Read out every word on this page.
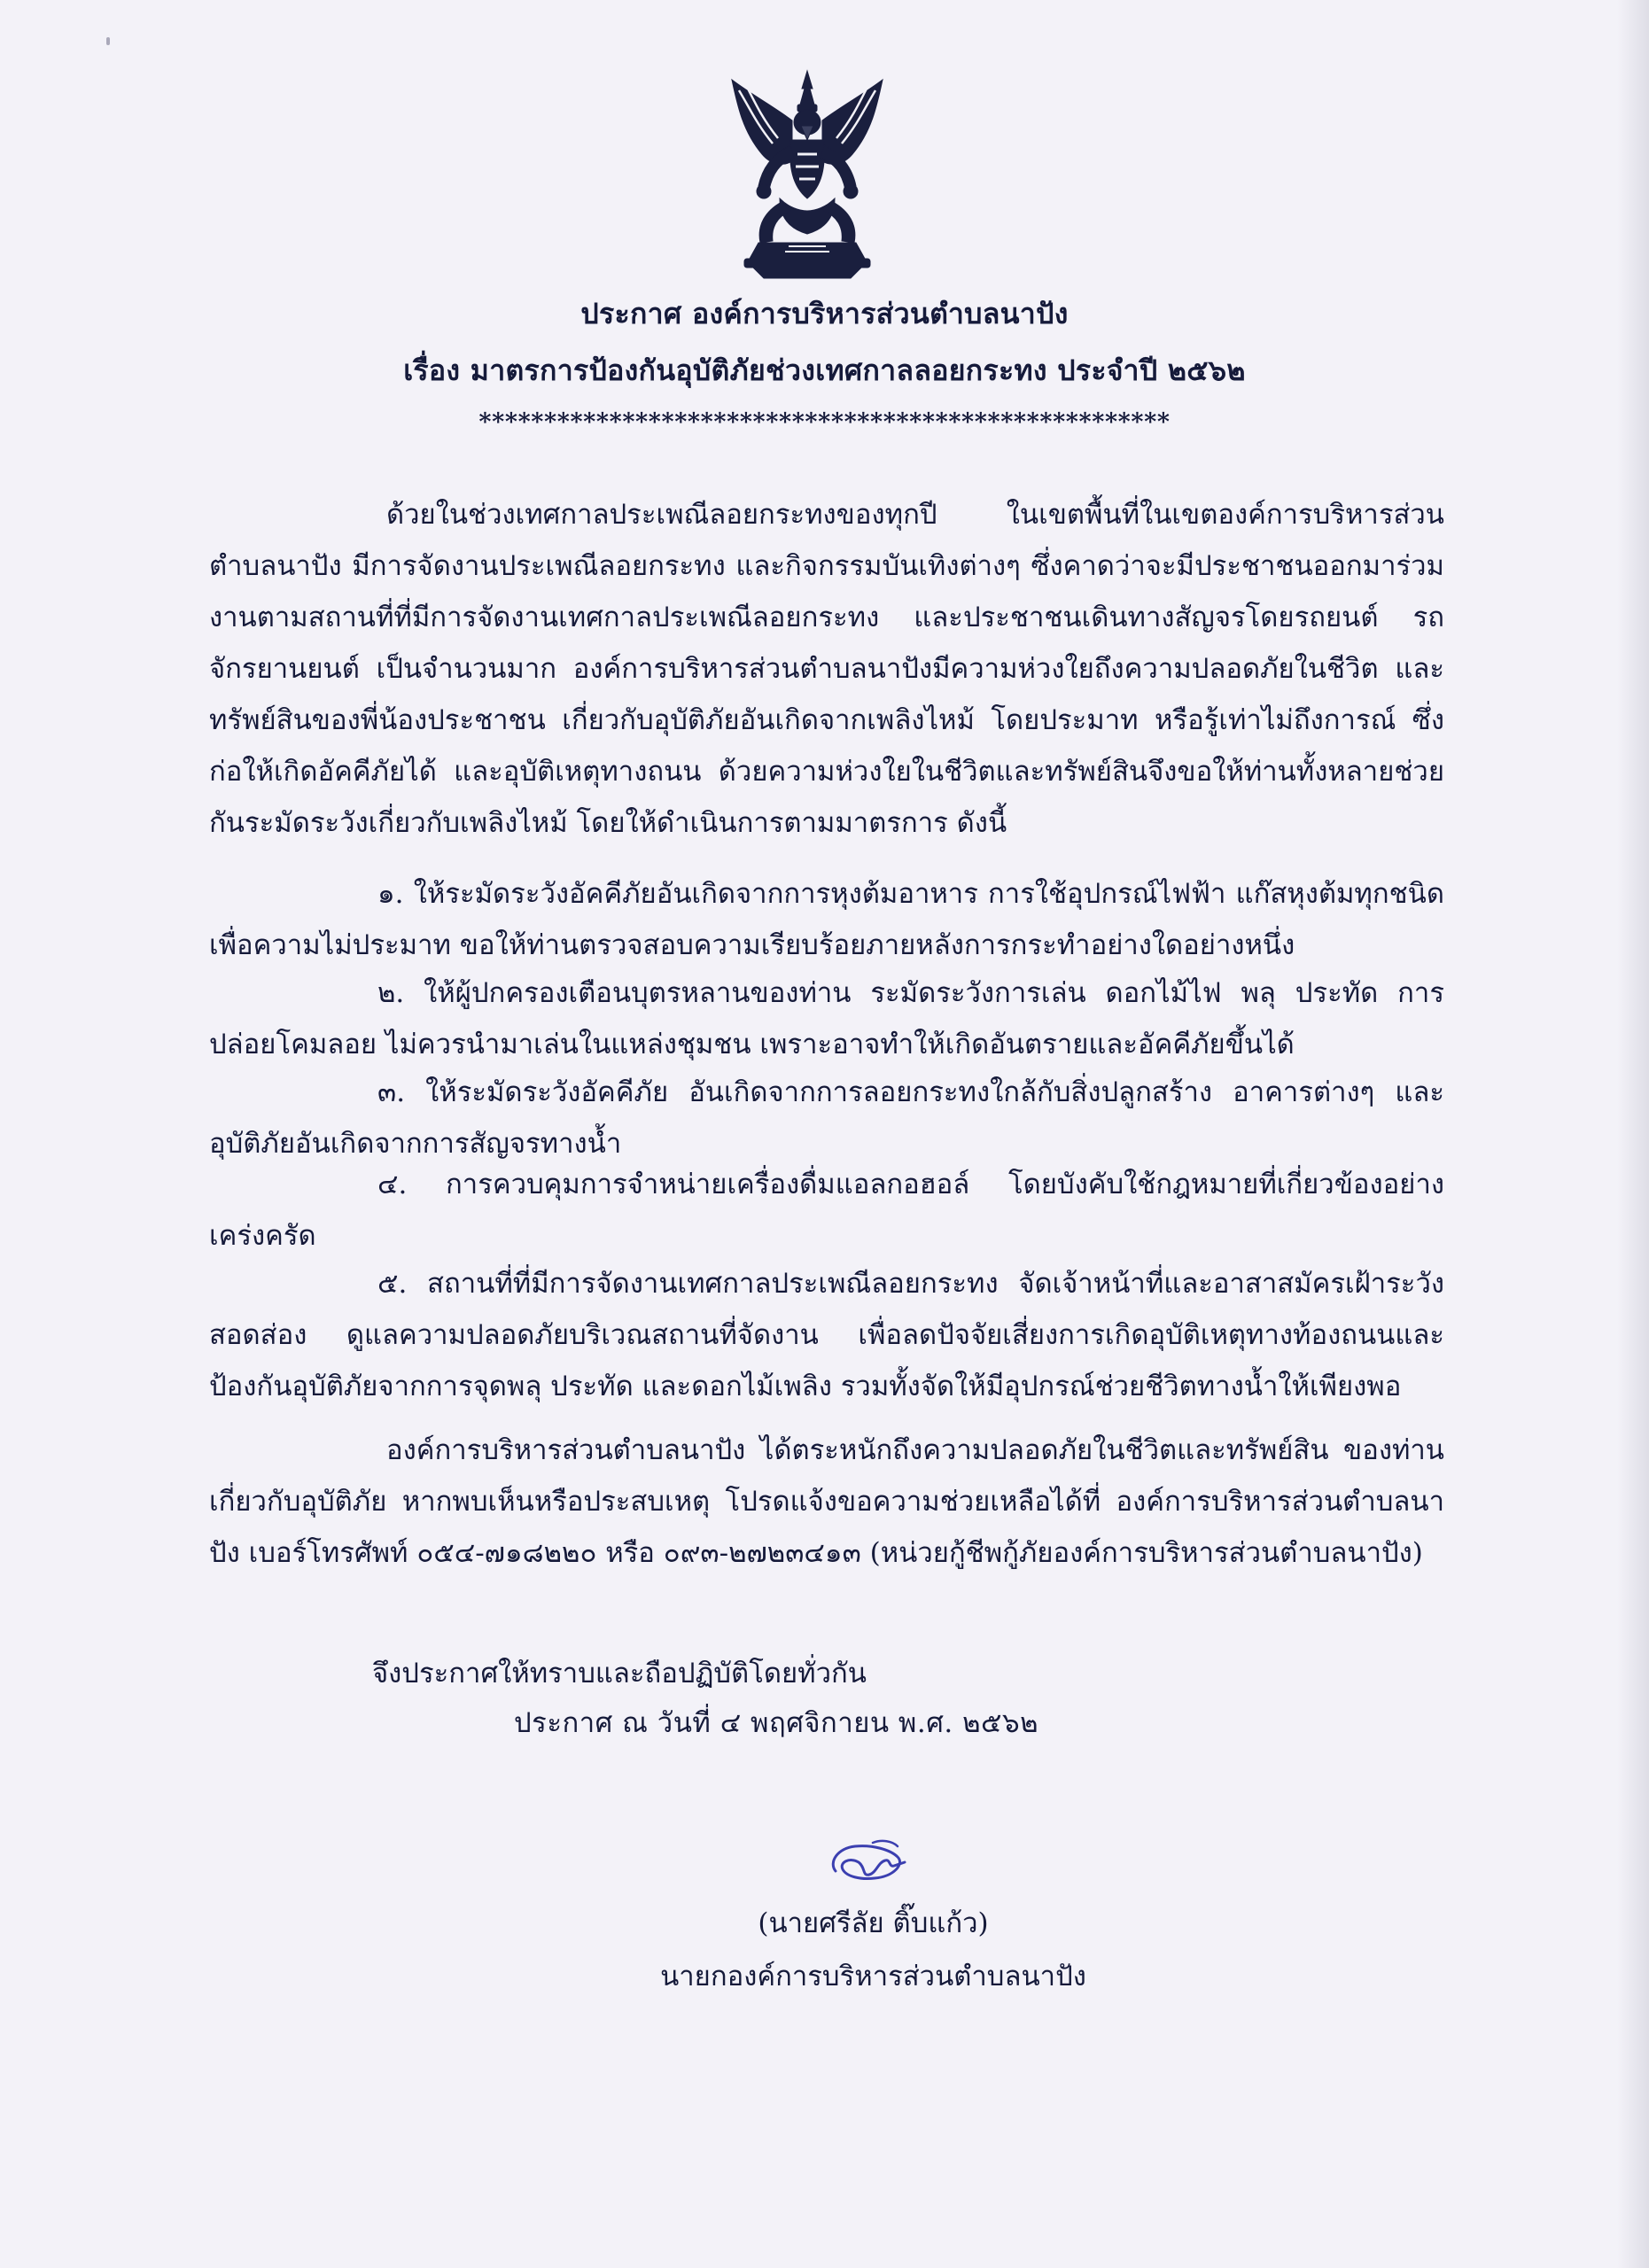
ประกาศ องค์การบริหารส่วนตำบลนาปัง
เรื่อง มาตรการป้องกันอุบัติภัยช่วงเทศกาลลอยกระทง ประจำปี ๒๕๖๒
*****************************************************
ด้วยในช่วงเทศกาลประเพณีลอยกระทงของทุกปี ในเขตพื้นที่ในเขตองค์การบริหารส่วนตำบลนาปัง มีการจัดงานประเพณีลอยกระทง และกิจกรรมบันเทิงต่างๆ ซึ่งคาดว่าจะมีประชาชนออกมาร่วมงานตามสถานที่ที่มีการจัดงานเทศกาลประเพณีลอยกระทง และประชาชนเดินทางสัญจรโดยรถยนต์ รถจักรยานยนต์ เป็นจำนวนมาก องค์การบริหารส่วนตำบลนาปังมีความห่วงใยถึงความปลอดภัยในชีวิต และทรัพย์สินของพี่น้องประชาชน เกี่ยวกับอุบัติภัยอันเกิดจากเพลิงไหม้ โดยประมาท หรือรู้เท่าไม่ถึงการณ์ ซึ่งก่อให้เกิดอัคคีภัยได้ และอุบัติเหตุทางถนน ด้วยความห่วงใยในชีวิตและทรัพย์สินจึงขอให้ท่านทั้งหลายช่วยกันระมัดระวังเกี่ยวกับเพลิงไหม้ โดยให้ดำเนินการตามมาตรการ ดังนี้
๑. ให้ระมัดระวังอัคคีภัยอันเกิดจากการหุงต้มอาหาร การใช้อุปกรณ์ไฟฟ้า แก๊สหุงต้มทุกชนิด เพื่อความไม่ประมาท ขอให้ท่านตรวจสอบความเรียบร้อยภายหลังการกระทำอย่างใดอย่างหนึ่ง
๒. ให้ผู้ปกครองเตือนบุตรหลานของท่าน ระมัดระวังการเล่น ดอกไม้ไฟ พลุ ประทัด การปล่อยโคมลอย ไม่ควรนำมาเล่นในแหล่งชุมชน เพราะอาจทำให้เกิดอันตรายและอัคคีภัยขึ้นได้
๓. ให้ระมัดระวังอัคคีภัย อันเกิดจากการลอยกระทงใกล้กับสิ่งปลูกสร้าง อาคารต่างๆ และอุบัติภัยอันเกิดจากการสัญจรทางน้ำ
๔. การควบคุมการจำหน่ายเครื่องดื่มแอลกอฮอล์ โดยบังคับใช้กฎหมายที่เกี่ยวข้องอย่างเคร่งครัด
๕. สถานที่ที่มีการจัดงานเทศกาลประเพณีลอยกระทง จัดเจ้าหน้าที่และอาสาสมัครเฝ้าระวังสอดส่อง ดูแลความปลอดภัยบริเวณสถานที่จัดงาน เพื่อลดปัจจัยเสี่ยงการเกิดอุบัติเหตุทางท้องถนนและป้องกันอุบัติภัยจากการจุดพลุ ประทัด และดอกไม้เพลิง รวมทั้งจัดให้มีอุปกรณ์ช่วยชีวิตทางน้ำให้เพียงพอ
องค์การบริหารส่วนตำบลนาปัง ได้ตระหนักถึงความปลอดภัยในชีวิตและทรัพย์สิน ของท่านเกี่ยวกับอุบัติภัย หากพบเห็นหรือประสบเหตุ โปรดแจ้งขอความช่วยเหลือได้ที่ องค์การบริหารส่วนตำบลนาปัง เบอร์โทรศัพท์ ๐๕๔-๗๑๘๒๒๐ หรือ ๐๙๓-๒๗๒๓๔๑๓ (หน่วยกู้ชีพกู้ภัยองค์การบริหารส่วนตำบลนาปัง)
จึงประกาศให้ทราบและถือปฏิบัติโดยทั่วกัน
ประกาศ ณ วันที่ ๔ พฤศจิกายน พ.ศ. ๒๕๖๒
(นายศรีลัย ติ๊บแก้ว)
นายกองค์การบริหารส่วนตำบลนาปัง
